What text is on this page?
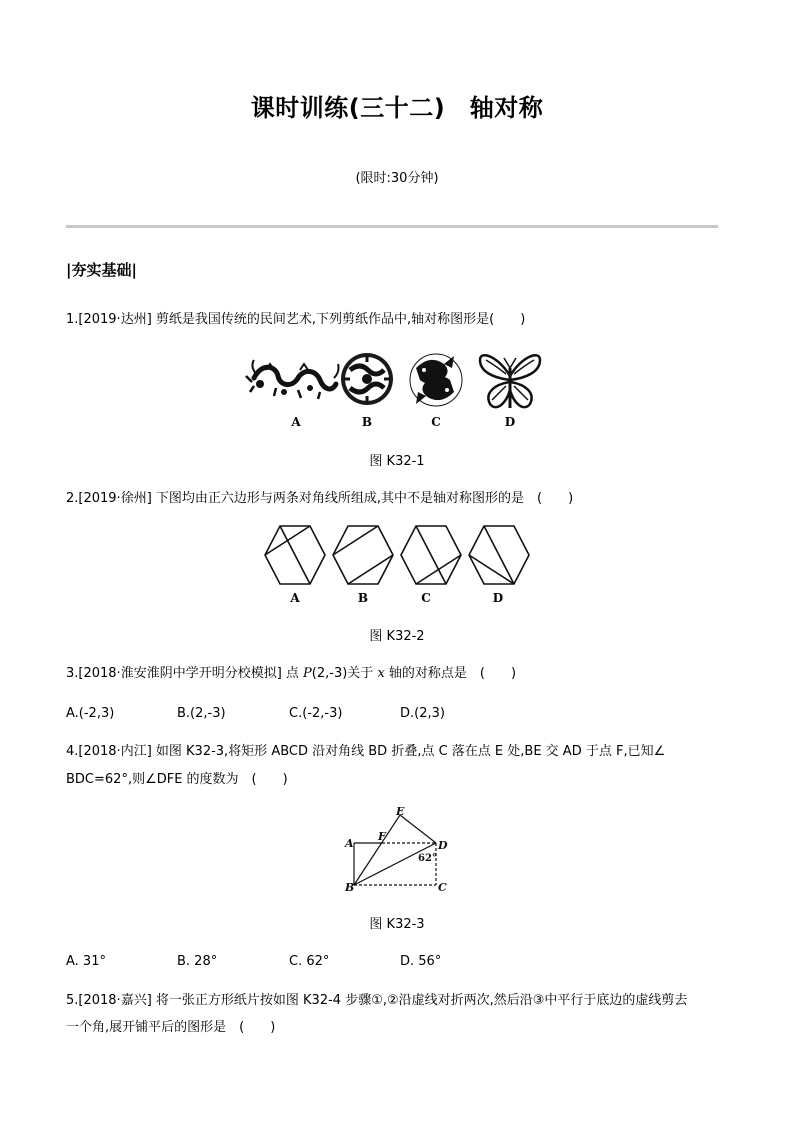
课时训练(三十二)　轴对称
(限时:30分钟)
|夯实基础|
1.[2019·达州] 剪纸是我国传统的民间艺术,下列剪纸作品中,轴对称图形是(　　)
A	B	C	D
图 K32-1
2.[2019·徐州] 下图均由正六边形与两条对角线所组成,其中不是轴对称图形的是　(　　)
A	B	C	D
图 K32-2
3.[2018·淮安淮阴中学开明分校模拟] 点 P(2,-3)关于 x 轴的对称点是　(　　)
A.(-2,3)	B.(2,-3)	C.(-2,-3)	D.(2,3)
4.[2018·内江] 如图 K32-3,将矩形 ABCD 沿对角线 BD 折叠,点 C 落在点 E 处,BE 交 AD 于点 F,已知∠
BDC=62°,则∠DFE 的度数为　(　　)
E
F
A	D
B	C
62°
图 K32-3
A. 31°	B. 28°	C. 62°	D. 56°
5.[2018·嘉兴] 将一张正方形纸片按如图 K32-4 步骤①,②沿虚线对折两次,然后沿③中平行于底边的虚线剪去
一个角,展开铺平后的图形是　(　　)
